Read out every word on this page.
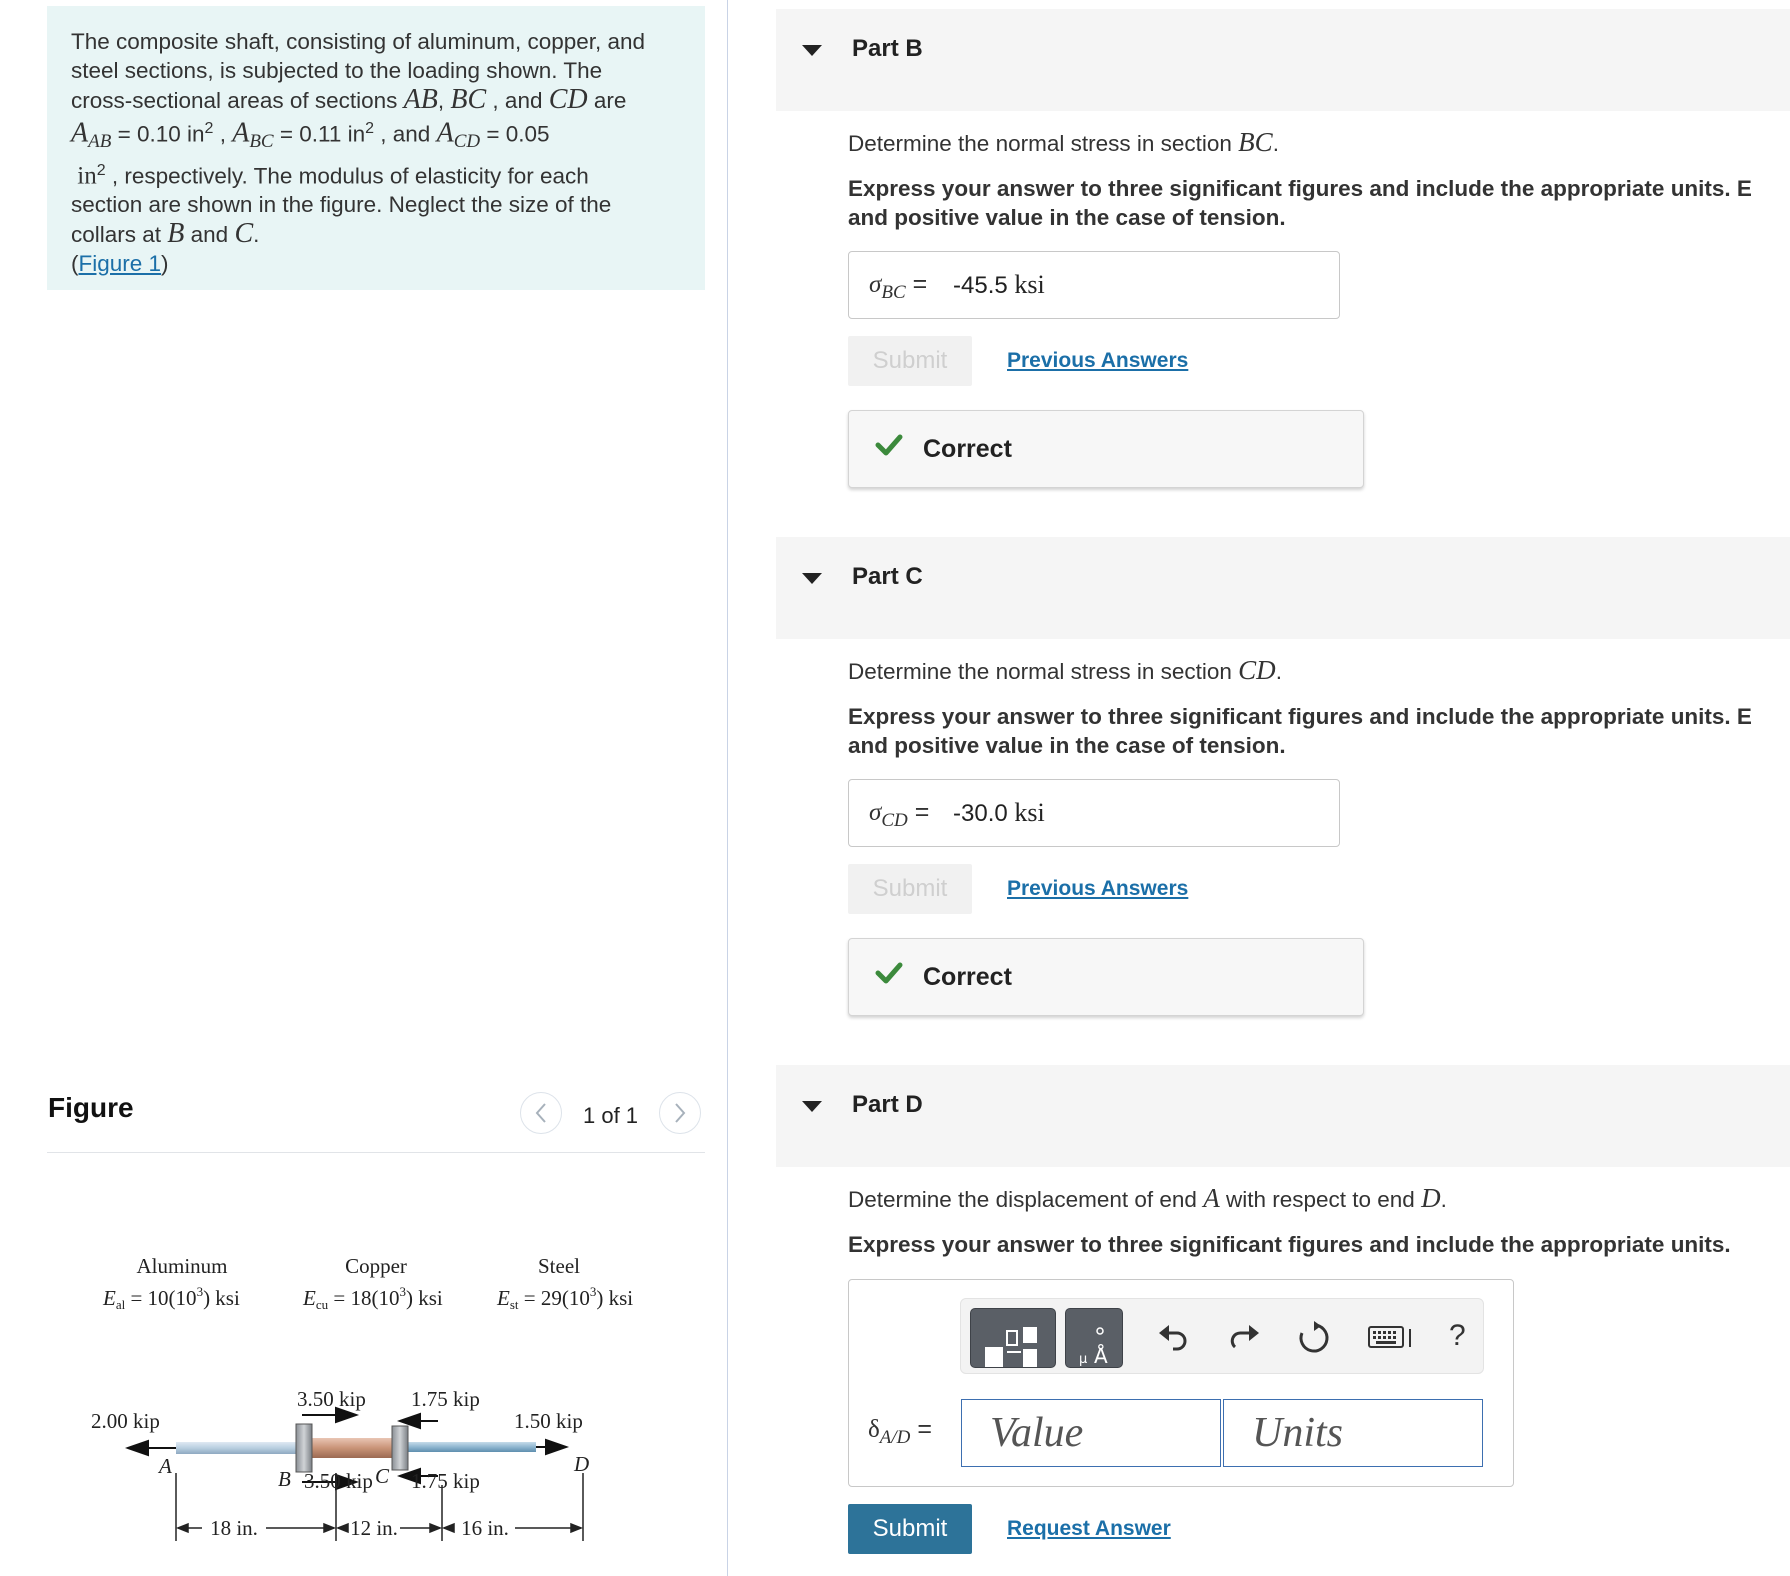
The composite shaft, consisting of aluminum, copper, and
steel sections, is subjected to the loading shown. The
cross-sectional areas of sections AB, BC , and CD are
$A_{AB} = 0.10$ $in^2$ , $A_{BC} = 0.11$ $in^2$ , and $A_{CD} = 0.05$
$in^2$ , respectively. The modulus of elasticity for each
section are shown in the figure. Neglect the size of the
collars at B and C.
(Figure 1)
Figure	1 of 1
Aluminum	Copper	Steel
Eal = $10(10^3)$ ksi	Ecu = $18(10^3)$ ksi	Est = $29(10^3)$ ksi
2.00 kip
3.50 kip 1.75 kip
1.50 kip
3.50 kip 1.75 kip
A
B	C	D
18 in.	12 in.	16 in.
Part B
Determine the normal stress in section BC.
Express your answer to three significant figures and include the appropriate units. E
and positive value in the case of tension.
$\sigma_{BC} = -45.5$ ksi
Submit	Previous Answers
Correct
Part C
Determine the normal stress in section CD.
Express your answer to three significant figures and include the appropriate units. E
and positive value in the case of tension.
$\sigma_{CD} = -30.0$ ksi
Submit	Previous Answers
Correct
Part D
Determine the displacement of end A with respect to end D.
Express your answer to three significant figures and include the appropriate units.
Å
μ
?
$\delta_{A/D}$ =
Value
Units
Submit	Request Answer
